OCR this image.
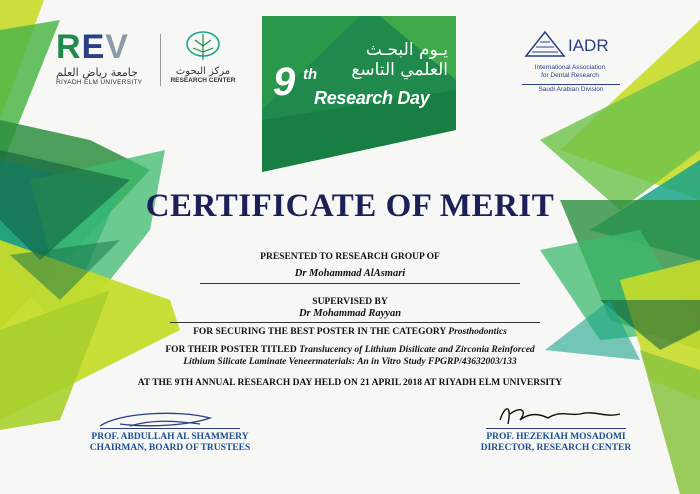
REV
جامعة رياض العلم
RIYADH ELM UNIVERSITY
مركز البحوث
RESEARCH CENTER
يـوم البحـث
العلمي التاسع
9 th
Research Day
IADR
International Association
for Dental Research
Saudi Arabian Division
CERTIFICATE OF MERIT
PRESENTED TO RESEARCH GROUP OF
Dr Mohammad AlAsmari
SUPERVISED BY
Dr Mohammad Rayyan
FOR SECURING THE BEST POSTER IN THE CATEGORY Prosthodontics
FOR THEIR POSTER TITLED Translucency of Lithium Disilicate and Zirconia Reinforced
Lithium Silicate Laminate Veneermaterials: An in Vitro Study FPGRP/43632003/133
AT THE 9TH ANNUAL RESEARCH DAY HELD ON 21 APRIL 2018 AT RIYADH ELM UNIVERSITY
PROF. ABDULLAH AL SHAMMERY
CHAIRMAN, BOARD OF TRUSTEES
PROF. HEZEKIAH MOSADOMI
DIRECTOR, RESEARCH CENTER
